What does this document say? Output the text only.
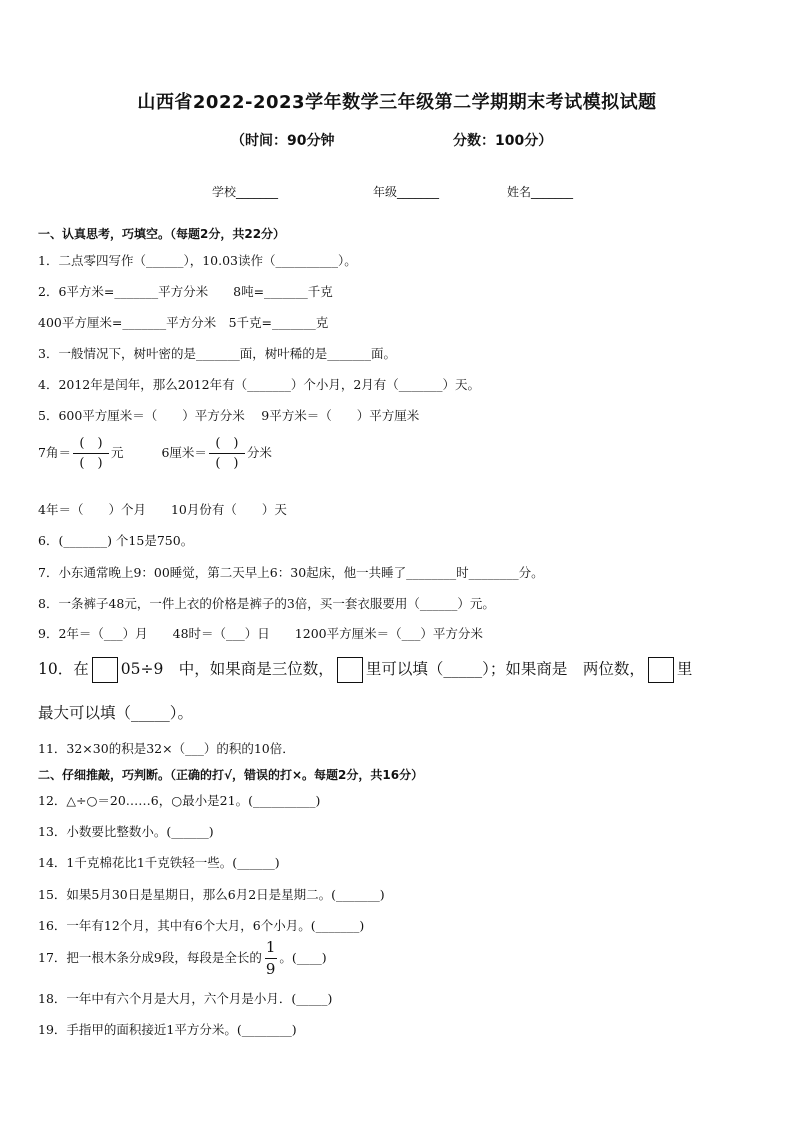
山西省2022-2023学年数学三年级第二学期期末考试模拟试题
（时间：90分钟	分数：100分）
学校_______	年级_______	姓名_______
一、认真思考，巧填空。（每题2分，共22分）
1．二点零四写作（______），10.03读作（__________）。
2．6平方米=_______平方分米　　8吨=_______千克
400平方厘米=_______平方分米　5千克=_______克
3．一般情况下，树叶密的是_______面，树叶稀的是_______面。
4．2012年是闰年，那么2012年有（_______）个小月，2月有（_______）天。
5．600平方厘米＝（　　）平方分米　 9平方米＝（　　）平方厘米
7角＝ $\frac{( )}{( )}$ 元	6厘米＝ $\frac{( )}{( )}$ 分米
4年＝（　　）个月　　10月份有（　　）天
6．(_______) 个15是750。
7．小东通常晚上9：00睡觉，第二天早上6：30起床，他一共睡了________时________分。
8．一条裤子48元，一件上衣的价格是裤子的3倍，买一套衣服要用（______）元。
9．2年＝（___）月　　48时＝（___）日　　1200平方厘米＝（___）平方分米
10．在 05÷9　中，如果商是三位数， 里可以填（_____）；如果商是　两位数， 里
最大可以填（_____）。
11．32×30的积是32×（___）的积的10倍．
二、仔细推敲，巧判断。（正确的打√，错误的打×。每题2分，共16分）
12．△÷○＝20……6，○最小是21。(__________)
13．小数要比整数小。(______)
14．1千克棉花比1千克铁轻一些。(______)
15．如果5月30日是星期日，那么6月2日是星期二。(_______)
16．一年有12个月，其中有6个大月，6个小月。(_______)
17．把一根木条分成9段，每段是全长的 $\frac{1}{9}$ 。(____)
18．一年中有六个月是大月，六个月是小月．(_____)
19．手指甲的面积接近1平方分米。(________)
